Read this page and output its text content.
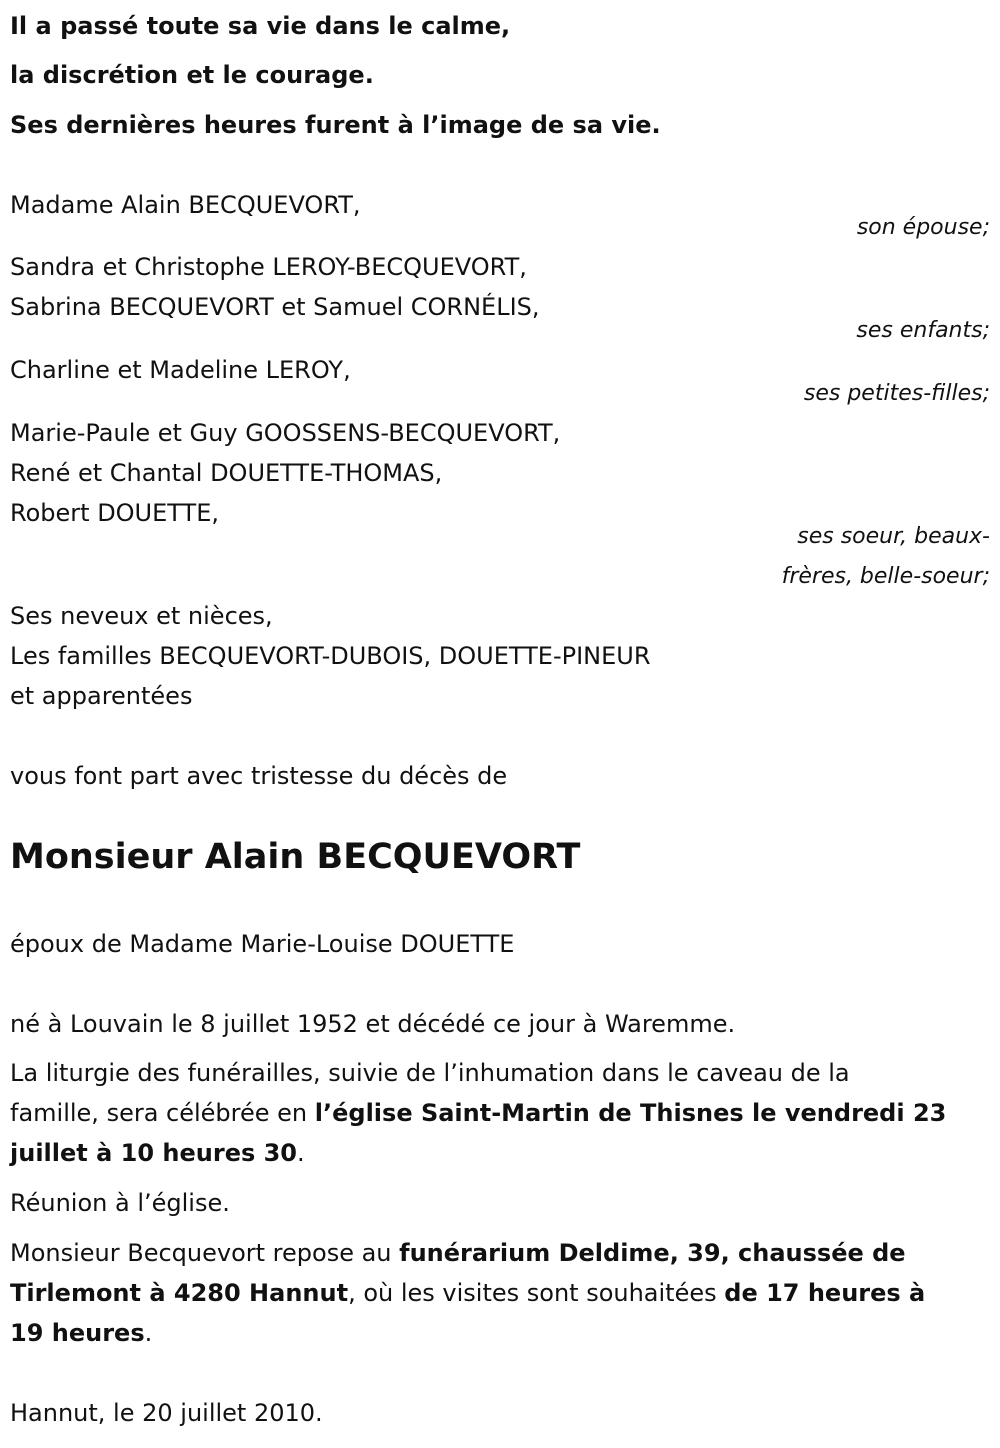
Il a passé toute sa vie dans le calme,
la discrétion et le courage.
Ses dernières heures furent à l’image de sa vie.
Madame Alain BECQUEVORT,
son épouse;
Sandra et Christophe LEROY-BECQUEVORT,
Sabrina BECQUEVORT et Samuel CORNÉLIS,
ses enfants;
Charline et Madeline LEROY,
ses petites-filles;
Marie-Paule et Guy GOOSSENS-BECQUEVORT,
René et Chantal DOUETTE-THOMAS,
Robert DOUETTE,
ses soeur, beaux-
frères, belle-soeur;
Ses neveux et nièces,
Les familles BECQUEVORT-DUBOIS, DOUETTE-PINEUR
et apparentées
vous font part avec tristesse du décès de
Monsieur Alain BECQUEVORT
époux de Madame Marie-Louise DOUETTE
né à Louvain le 8 juillet 1952 et décédé ce jour à Waremme.
La liturgie des funérailles, suivie de l’inhumation dans le caveau de la
famille, sera célébrée en l’église Saint-Martin de Thisnes le vendredi 23
juillet à 10 heures 30.
Réunion à l’église.
Monsieur Becquevort repose au funérarium Deldime, 39, chaussée de
Tirlemont à 4280 Hannut, où les visites sont souhaitées de 17 heures à
19 heures.
Hannut, le 20 juillet 2010.
